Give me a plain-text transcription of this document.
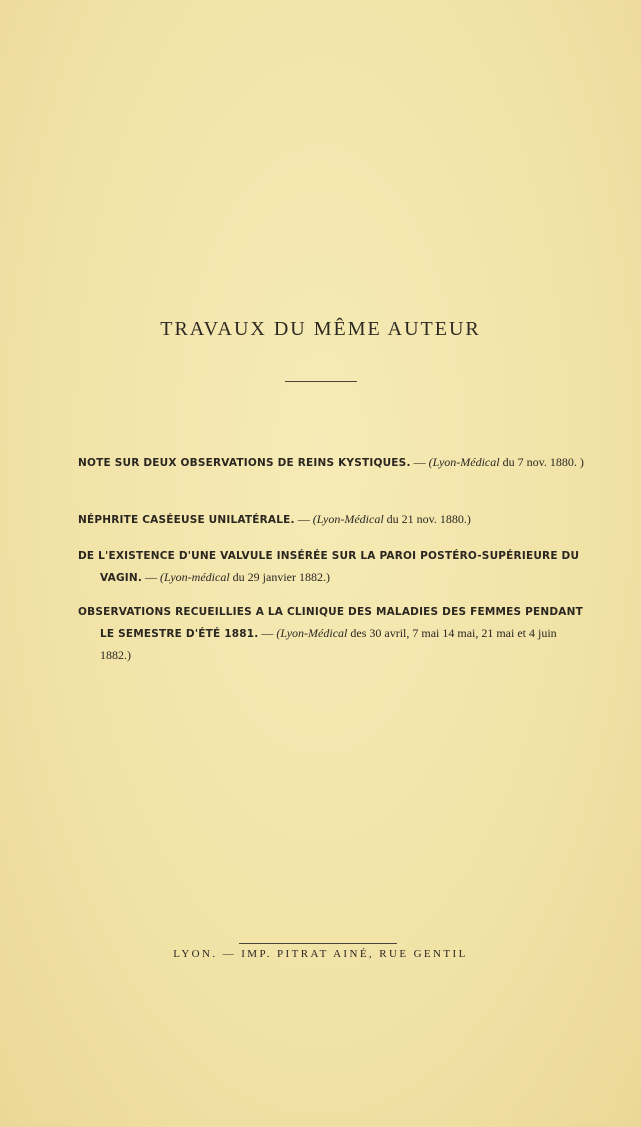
TRAVAUX DU MÊME AUTEUR
NOTE SUR DEUX OBSERVATIONS DE REINS KYSTIQUES. — (Lyon-Médical du 7 nov. 1880. )
NÉPHRITE CASÉEUSE UNILATÉRALE. — (Lyon-Médical du 21 nov. 1880.)
DE L'EXISTENCE D'UNE VALVULE INSÉRÉE SUR LA PAROI POSTÉRO-SUPÉRIEURE DU VAGIN. — (Lyon-médical du 29 janvier 1882.)
OBSERVATIONS RECUEILLIES A LA CLINIQUE DES MALADIES DES FEMMES PENDANT LE SEMESTRE D'ÉTÉ 1881. — (Lyon-Médical des 30 avril, 7 mai 14 mai, 21 mai et 4 juin 1882.)
LYON. — IMP. PITRAT AINÉ, RUE GENTIL
